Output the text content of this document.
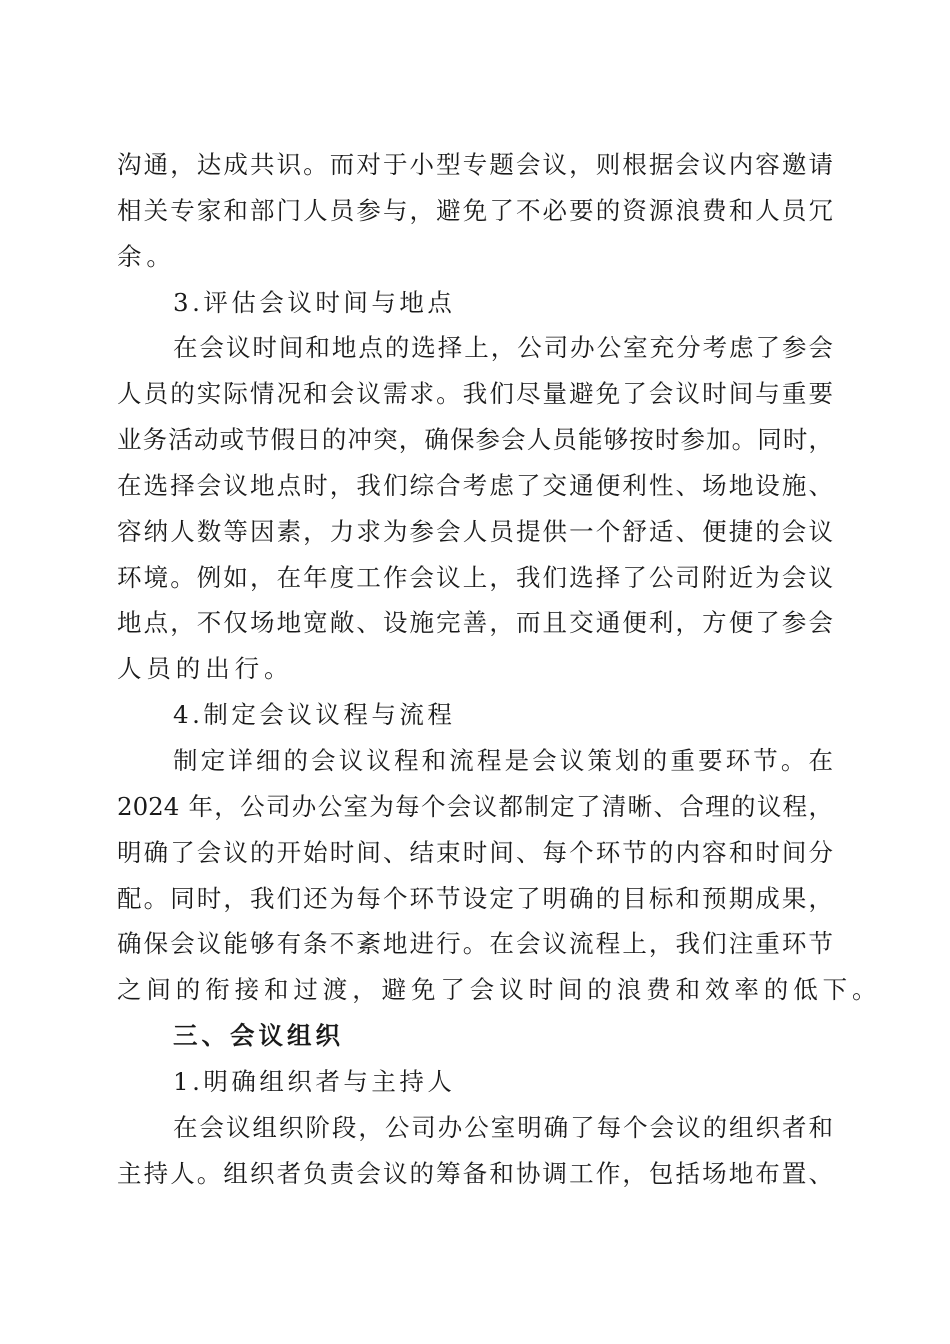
沟通，达成共识。而对于小型专题会议，则根据会议内容邀请
相关专家和部门人员参与，避免了不必要的资源浪费和人员冗
余。
3.评估会议时间与地点
在会议时间和地点的选择上，公司办公室充分考虑了参会
人员的实际情况和会议需求。我们尽量避免了会议时间与重要
业务活动或节假日的冲突，确保参会人员能够按时参加。同时，
在选择会议地点时，我们综合考虑了交通便利性、场地设施、
容纳人数等因素，力求为参会人员提供一个舒适、便捷的会议
环境。例如，在年度工作会议上，我们选择了公司附近为会议
地点，不仅场地宽敞、设施完善，而且交通便利，方便了参会
人员的出行。
4.制定会议议程与流程
制定详细的会议议程和流程是会议策划的重要环节。在
2024 年，公司办公室为每个会议都制定了清晰、合理的议程，
明确了会议的开始时间、结束时间、每个环节的内容和时间分
配。同时，我们还为每个环节设定了明确的目标和预期成果，
确保会议能够有条不紊地进行。在会议流程上，我们注重环节
之间的衔接和过渡，避免了会议时间的浪费和效率的低下。
三、会议组织
1.明确组织者与主持人
在会议组织阶段，公司办公室明确了每个会议的组织者和
主持人。组织者负责会议的筹备和协调工作，包括场地布置、
